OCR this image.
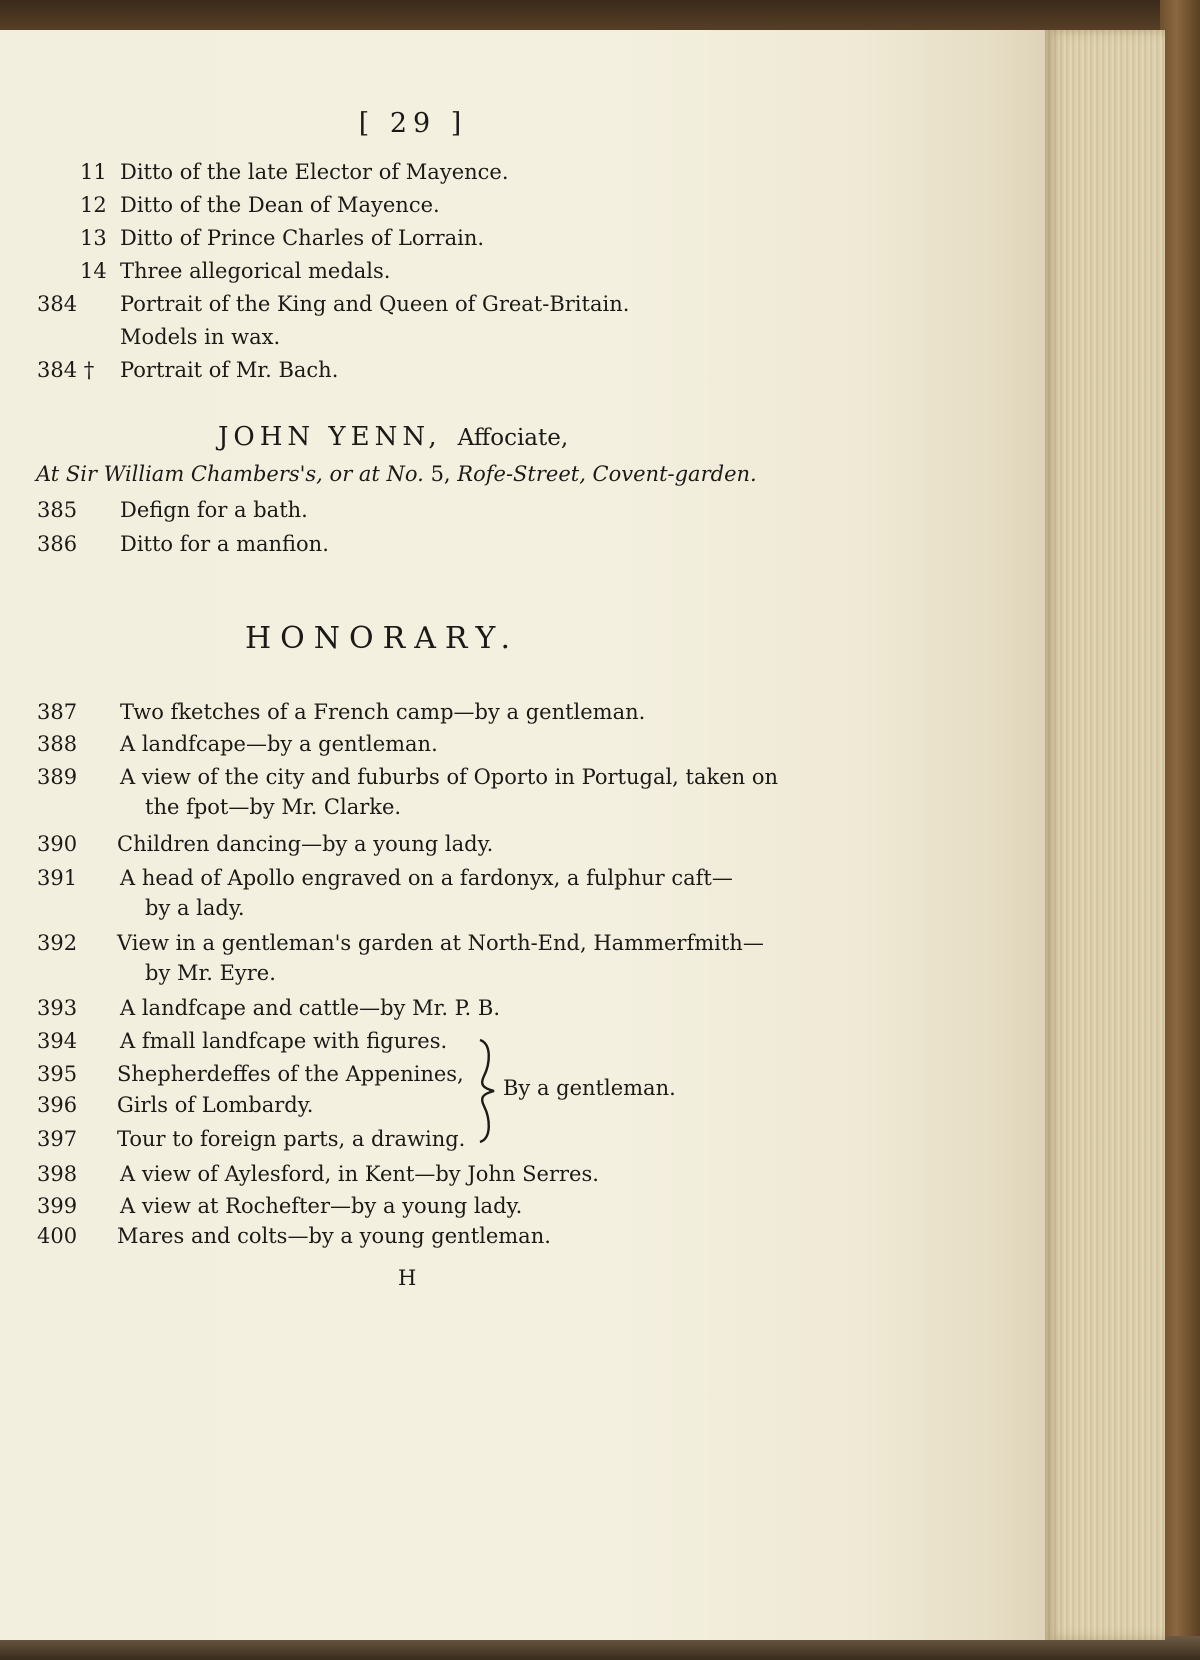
[ 29 ]
11 Ditto of the late Elector of Mayence.
12 Ditto of the Dean of Mayence.
13 Ditto of Prince Charles of Lorrain.
14 Three allegorical medals.
384 Portrait of the King and Queen of Great-Britain.
Models in wax.
384 † Portrait of Mr. Bach.
JOHN YENN, Affociate,
At Sir William Chambers's, or at No. 5, Rofe-Street, Covent-garden.
385 Defign for a bath.
386 Ditto for a manfion.
HONORARY.
387 Two fketches of a French camp—by a gentleman.
388 A landfcape—by a gentleman.
389 A view of the city and fuburbs of Oporto in Portugal, taken on
the fpot—by Mr. Clarke.
390 Children dancing—by a young lady.
391 A head of Apollo engraved on a fardonyx, a fulphur caft—
by a lady.
392 View in a gentleman's garden at North-End, Hammerfmith—
by Mr. Eyre.
393 A landfcape and cattle—by Mr. P. B.
394 A fmall landfcape with figures.
395 Shepherdeffes of the Appenines,
396 Girls of Lombardy.
397 Tour to foreign parts, a drawing.
By a gentleman.
398 A view of Aylesford, in Kent—by John Serres.
399 A view at Rochefter—by a young lady.
400 Mares and colts—by a young gentleman.
H
